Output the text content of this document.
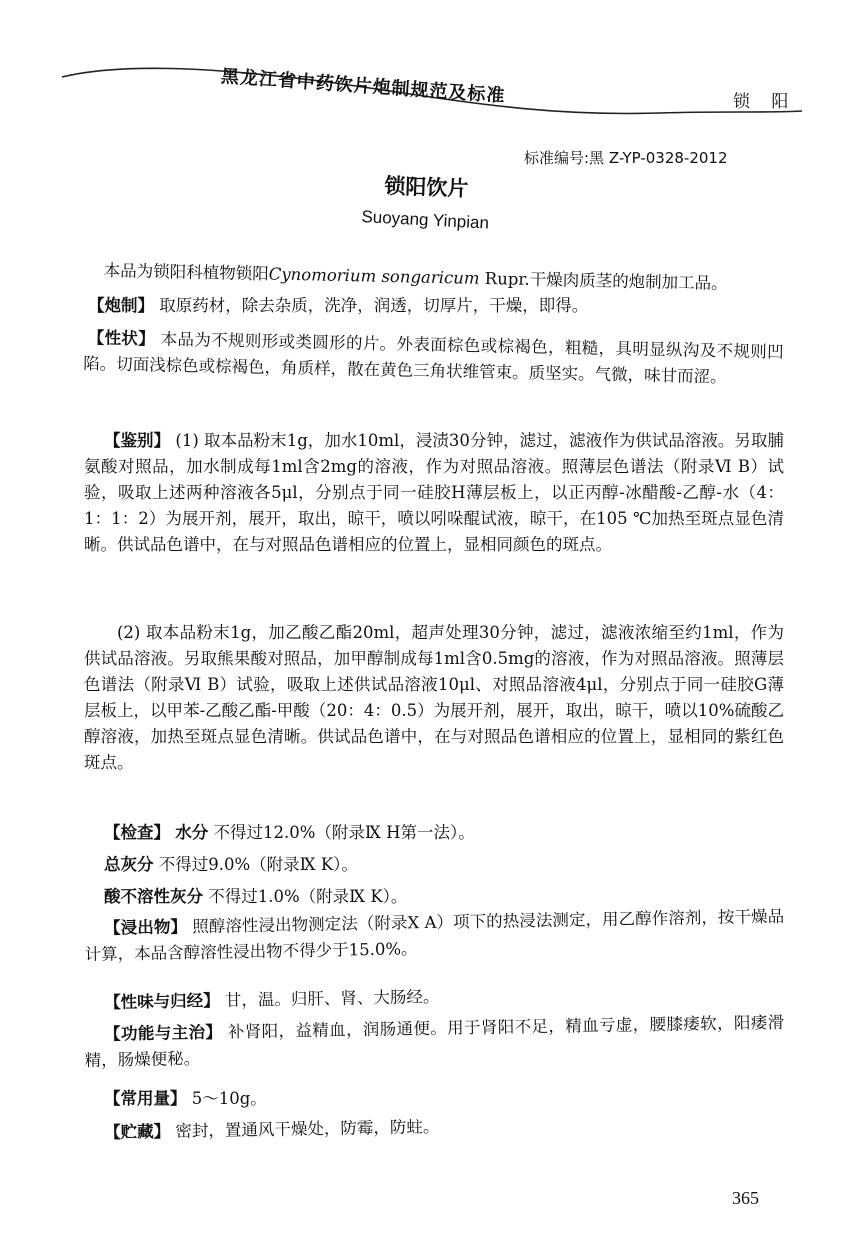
黑龙江省中药饮片炮制规范及标准	锁 阳
标准编号:黑 Z-YP-0328-2012
锁阳饮片
Suoyang Yinpian
本品为锁阳科植物锁阳Cynomorium songaricum Rupr.干燥肉质茎的炮制加工品。
【炮制】 取原药材，除去杂质，洗净，润透，切厚片，干燥，即得。
【性状】 本品为不规则形或类圆形的片。外表面棕色或棕褐色，粗糙，具明显纵沟及不规则凹陷。切面浅棕色或棕褐色，角质样，散在黄色三角状维管束。质坚实。气微，味甘而涩。
【鉴别】 (1) 取本品粉末1g，加水10ml，浸渍30分钟，滤过，滤液作为供试品溶液。另取脯氨酸对照品，加水制成每1ml含2mg的溶液，作为对照品溶液。照薄层色谱法（附录Ⅵ B）试验，吸取上述两种溶液各5μl，分别点于同一硅胶H薄层板上，以正丙醇-冰醋酸-乙醇-水（4：1：1：2）为展开剂，展开，取出，晾干，喷以吲哚醌试液，晾干，在105 ℃加热至斑点显色清晰。供试品色谱中，在与对照品色谱相应的位置上，显相同颜色的斑点。
(2) 取本品粉末1g，加乙酸乙酯20ml，超声处理30分钟，滤过，滤液浓缩至约1ml，作为供试品溶液。另取熊果酸对照品，加甲醇制成每1ml含0.5mg的溶液，作为对照品溶液。照薄层色谱法（附录Ⅵ B）试验，吸取上述供试品溶液10μl、对照品溶液4μl，分别点于同一硅胶G薄层板上，以甲苯-乙酸乙酯-甲酸（20：4：0.5）为展开剂，展开，取出，晾干，喷以10%硫酸乙醇溶液，加热至斑点显色清晰。供试品色谱中，在与对照品色谱相应的位置上，显相同的紫红色斑点。
【检查】 水分 不得过12.0%（附录Ⅸ H第一法）。
总灰分 不得过9.0%（附录Ⅸ K）。
酸不溶性灰分 不得过1.0%（附录Ⅸ K）。
【浸出物】 照醇溶性浸出物测定法（附录Ⅹ A）项下的热浸法测定，用乙醇作溶剂，按干燥品计算，本品含醇溶性浸出物不得少于15.0%。
【性味与归经】 甘，温。归肝、肾、大肠经。
【功能与主治】 补肾阳，益精血，润肠通便。用于肾阳不足，精血亏虚，腰膝痿软，阳痿滑精，肠燥便秘。
【常用量】 5～10g。
【贮藏】 密封，置通风干燥处，防霉，防蛀。
365
